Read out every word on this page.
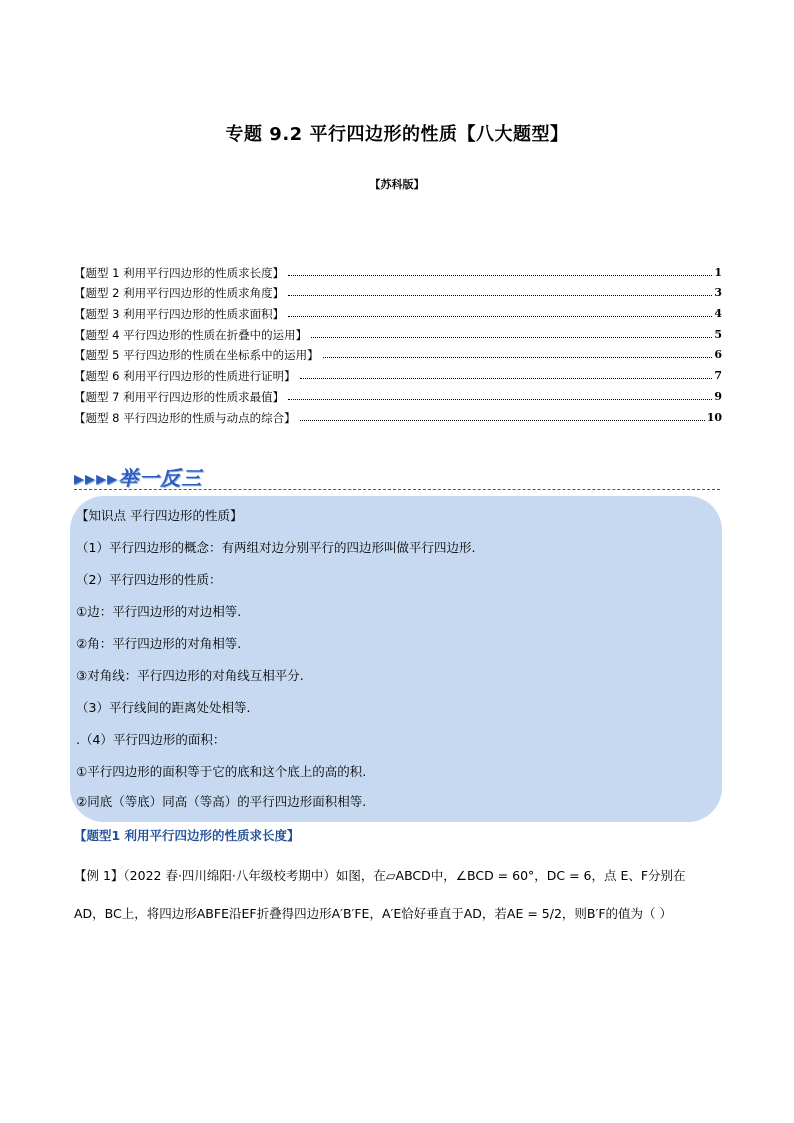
专题 9.2 平行四边形的性质【八大题型】
【苏科版】
【题型 1 利用平行四边形的性质求长度】	1
【题型 2 利用平行四边形的性质求角度】	3
【题型 3 利用平行四边形的性质求面积】	4
【题型 4 平行四边形的性质在折叠中的运用】	5
【题型 5 平行四边形的性质在坐标系中的运用】	6
【题型 6 利用平行四边形的性质进行证明】	7
【题型 7 利用平行四边形的性质求最值】	9
【题型 8 平行四边形的性质与动点的综合】	10
▸▸▸▸举一反三
【知识点 平行四边形的性质】
（1）平行四边形的概念：有两组对边分别平行的四边形叫做平行四边形.
（2）平行四边形的性质：
①边：平行四边形的对边相等.
②角：平行四边形的对角相等.
③对角线：平行四边形的对角线互相平分.
（3）平行线间的距离处处相等.
.（4）平行四边形的面积：
①平行四边形的面积等于它的底和这个底上的高的积.
②同底（等底）同高（等高）的平行四边形面积相等.
【题型1 利用平行四边形的性质求长度】
【例 1】（2022 春·四川绵阳·八年级校考期中）如图，在▱ABCD中，∠BCD = 60°，DC = 6，点 E、F分别在
AD，BC上，将四边形ABFE沿EF折叠得四边形A′B′FE，A′E恰好垂直于AD，若AE = 5/2，则B′F的值为（ ）
